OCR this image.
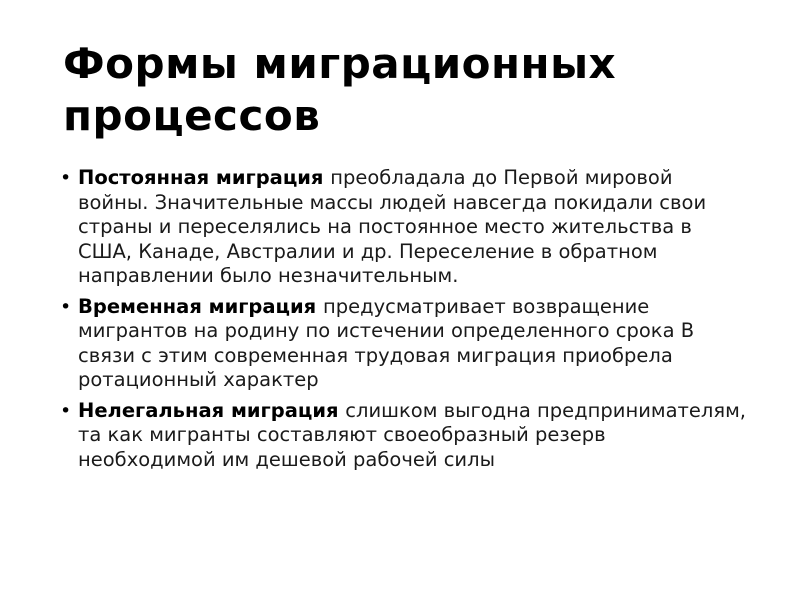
Формы миграционных процессов
• Постоянная миграция преобладала до Первой мировой войны. Значительные массы людей навсегда покидали свои страны и переселялись на постоянное место жительства в США, Канаде, Австралии и др. Переселение в обратном направлении было незначительным.
• Временная миграция предусматривает возвращение мигрантов на родину по истечении определенного срока В связи с этим современная трудовая миграция приобрела ротационный характер
• Нелегальная миграция слишком выгодна предпринимателям, та как мигранты составляют своеобразный резерв необходимой им дешевой рабочей силы
